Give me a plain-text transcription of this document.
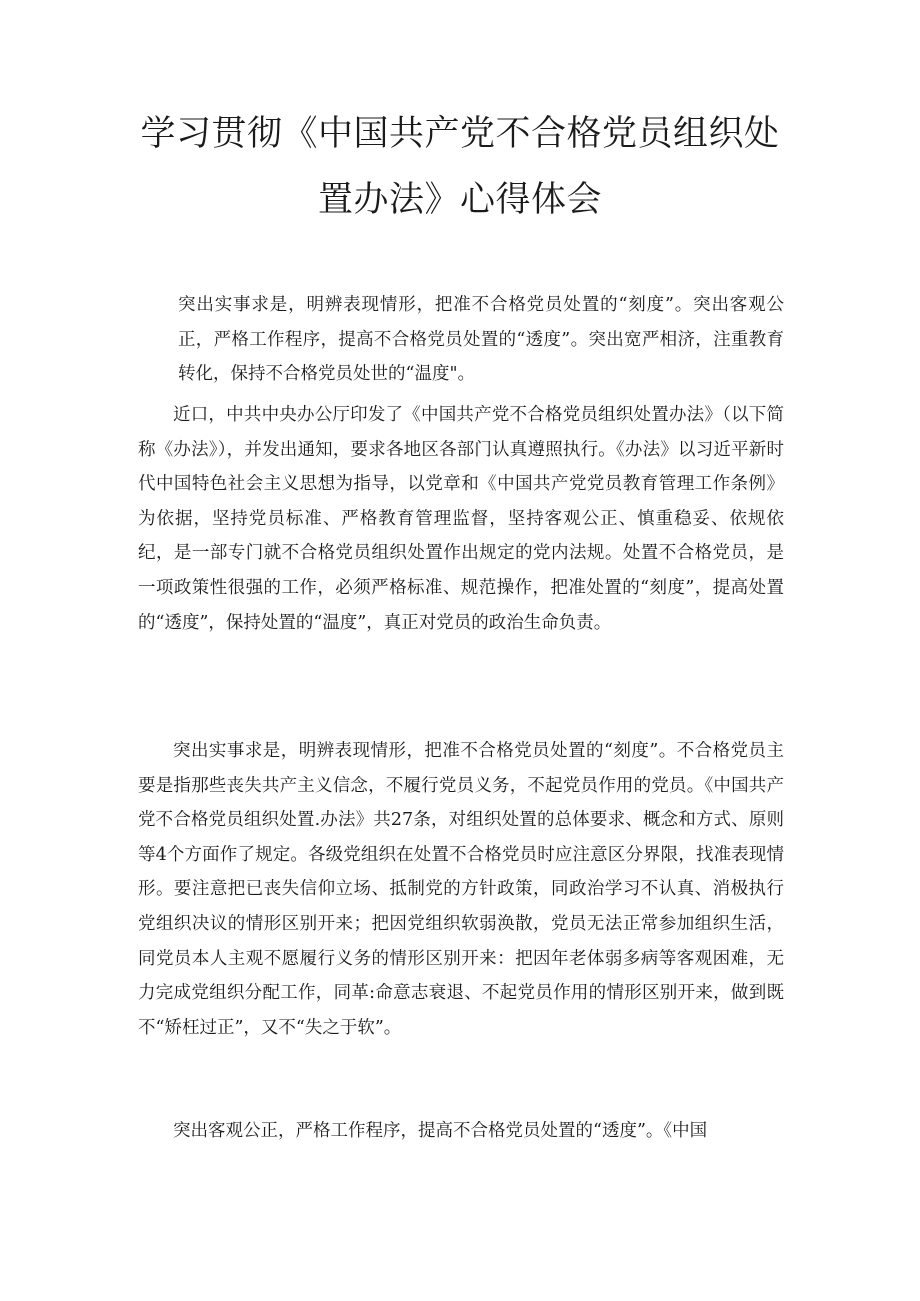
学习贯彻《中国共产党不合格党员组织处
置办法》心得体会

突出实事求是，明辨表现情形，把准不合格党员处置的“刻度”。突出客观公正，严格工作程序，提高不合格党员处置的“透度”。突出宽严相济，注重教育转化，保持不合格党员处世的“温度"。

近口，中共中央办公厅印发了《中国共产党不合格党员组织处置办法》（以下简称《办法》），并发出通知，要求各地区各部门认真遵照执行。《办法》以习近平新时代中国特色社会主义思想为指导，以党章和《中国共产党党员教育管理工作条例》为依据，坚持党员标准、严格教育管理监督，坚持客观公正、慎重稳妥、依规依纪，是一部专门就不合格党员组织处置作出规定的党内法规。处置不合格党员，是一项政策性很强的工作，必须严格标准、规范操作，把准处置的“刻度”，提高处置的“透度”，保持处置的“温度”，真正对党员的政治生命负责。

突出实事求是，明辨表现情形，把准不合格党员处置的“刻度”。不合格党员主要是指那些丧失共产主义信念，不履行党员义务，不起党员作用的党员。《中国共产党不合格党员组织处置.办法》共27条，对组织处置的总体要求、概念和方式、原则等4个方面作了规定。各级党组织在处置不合格党员时应注意区分界限，找准表现情形。要注意把已丧失信仰立场、抵制党的方针政策，同政治学习不认真、消极执行党组织决议的情形区别开来；把因党组织软弱涣散，党员无法正常参加组织生活，同党员本人主观不愿履行义务的情形区别开来：把因年老体弱多病等客观困难，无力完成党组织分配工作，同革:命意志衰退、不起党员作用的情形区别开来，做到既不“矫枉过正”，又不“失之于软”。

突出客观公正，严格工作程序，提高不合格党员处置的“透度”。《中国
